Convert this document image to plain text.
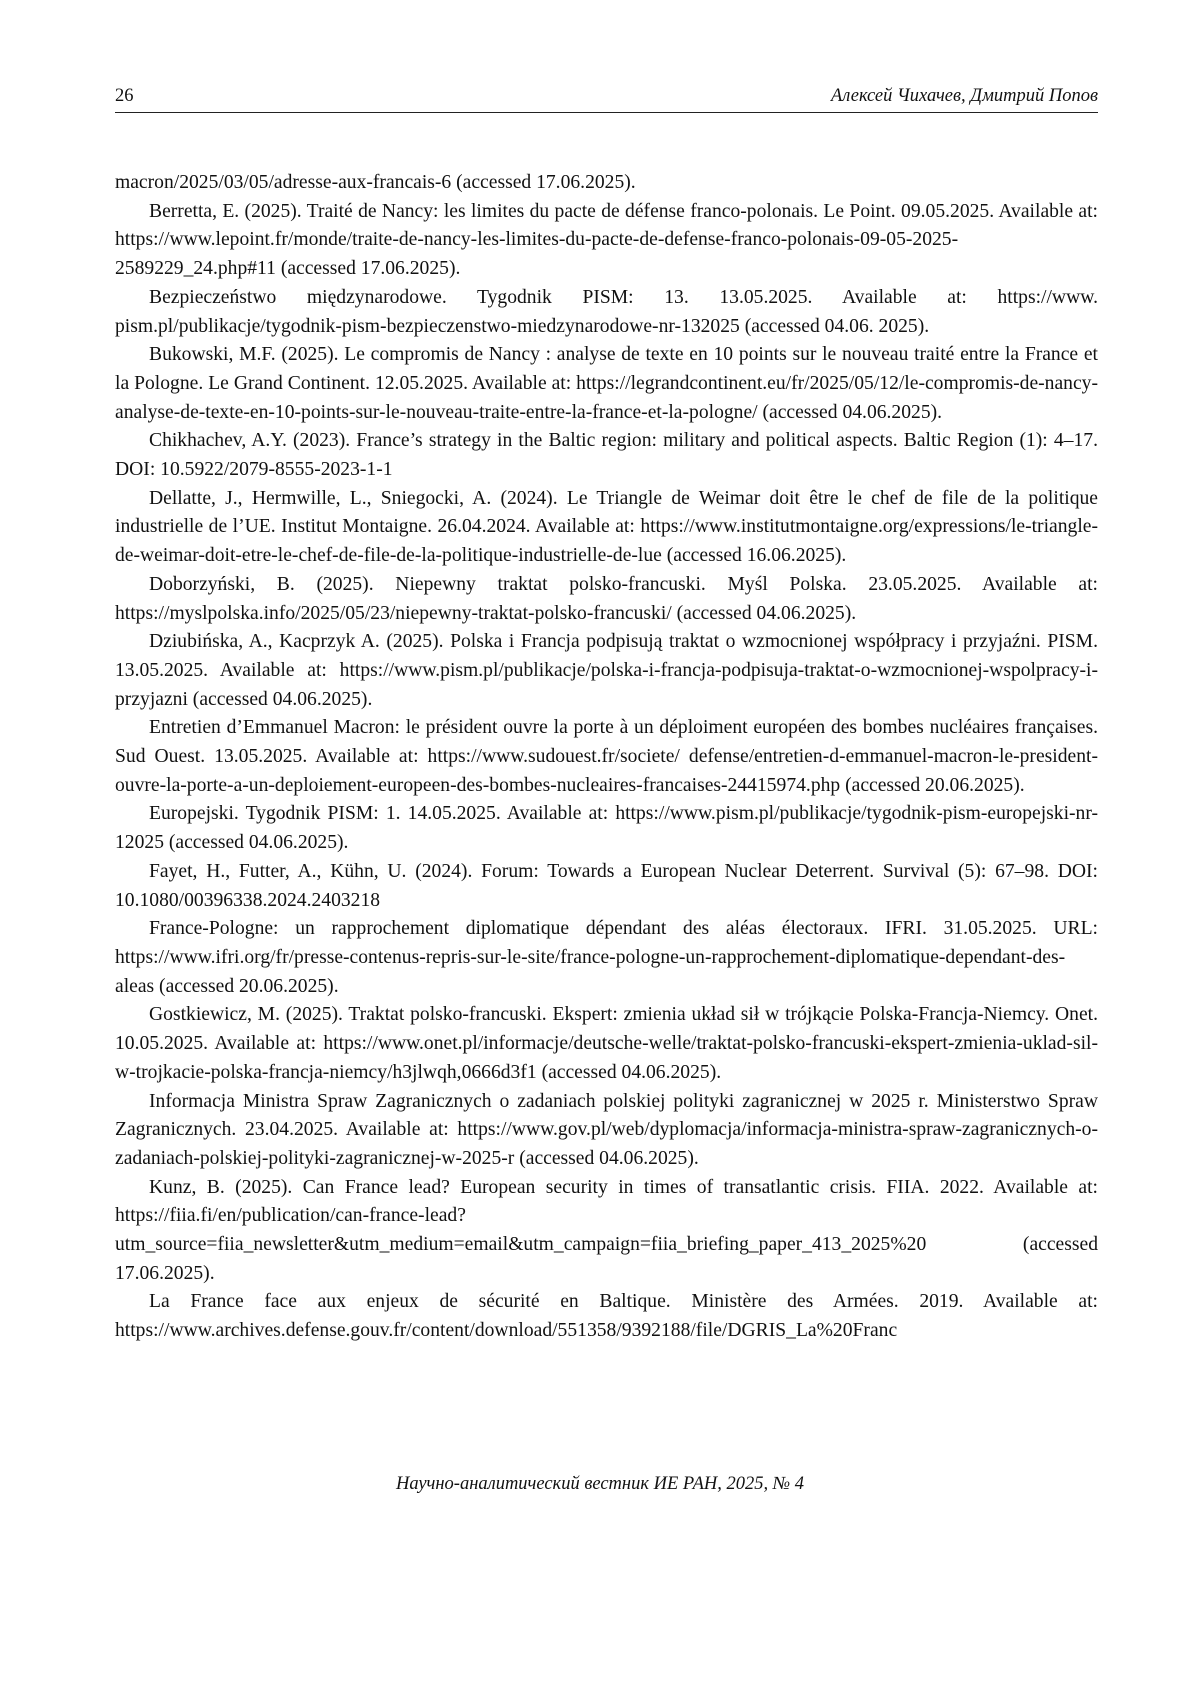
26	Алексей Чихачев, Дмитрий Попов

macron/2025/03/05/adresse-aux-francais-6 (accessed 17.06.2025).

Berretta, E. (2025). Traité de Nancy: les limites du pacte de défense franco-polonais. Le Point. 09.05.2025. Available at: https://www.lepoint.fr/monde/traite-de-nancy-les-limites-du-pacte-de-defense-franco-polonais-09-05-2025-2589229_24.php#11 (accessed 17.06.2025).

Bezpieczeństwo międzynarodowe. Tygodnik PISM: 13. 13.05.2025. Available at: https://www. pism.pl/publikacje/tygodnik-pism-bezpieczenstwo-miedzynarodowe-nr-132025 (accessed 04.06. 2025).

Bukowski, M.F. (2025). Le compromis de Nancy : analyse de texte en 10 points sur le nouveau traité entre la France et la Pologne. Le Grand Continent. 12.05.2025. Available at: https://legrandcontinent.eu/fr/2025/05/12/le-compromis-de-nancy-analyse-de-texte-en-10-points-sur-le-nouveau-traite-entre-la-france-et-la-pologne/ (accessed 04.06.2025).

Chikhachev, A.Y. (2023). France’s strategy in the Baltic region: military and political aspects. Baltic Region (1): 4–17. DOI: 10.5922/2079-8555-2023-1-1

Dellatte, J., Hermwille, L., Sniegocki, A. (2024). Le Triangle de Weimar doit être le chef de file de la politique industrielle de l’UE. Institut Montaigne. 26.04.2024. Available at: https://www.institutmontaigne.org/expressions/le-triangle-de-weimar-doit-etre-le-chef-de-file-de-la-politique-industrielle-de-lue (accessed 16.06.2025).

Doborzyński, B. (2025). Niepewny traktat polsko-francuski. Myśl Polska. 23.05.2025. Available at: https://myslpolska.info/2025/05/23/niepewny-traktat-polsko-francuski/ (accessed 04.06.2025).

Dziubińska, A., Kacprzyk A. (2025). Polska i Francja podpisują traktat o wzmocnionej współpracy i przyjaźni. PISM. 13.05.2025. Available at: https://www.pism.pl/publikacje/polska-i-francja-podpisuja-traktat-o-wzmocnionej-wspolpracy-i-przyjazni (accessed 04.06.2025).

Entretien d’Emmanuel Macron: le président ouvre la porte à un déploiment européen des bombes nucléaires françaises. Sud Ouest. 13.05.2025. Available at: https://www.sudouest.fr/societe/ defense/entretien-d-emmanuel-macron-le-president-ouvre-la-porte-a-un-deploiement-europeen-des-bombes-nucleaires-francaises-24415974.php (accessed 20.06.2025).

Europejski. Tygodnik PISM: 1. 14.05.2025. Available at: https://www.pism.pl/publikacje/tygodnik-pism-europejski-nr-12025 (accessed 04.06.2025).

Fayet, H., Futter, A., Kühn, U. (2024). Forum: Towards a European Nuclear Deterrent. Survival (5): 67–98. DOI: 10.1080/00396338.2024.2403218

France-Pologne: un rapprochement diplomatique dépendant des aléas électoraux. IFRI. 31.05.2025. URL: https://www.ifri.org/fr/presse-contenus-repris-sur-le-site/france-pologne-un-rapprochement-diplomatique-dependant-des-aleas (accessed 20.06.2025).

Gostkiewicz, M. (2025). Traktat polsko-francuski. Ekspert: zmienia układ sił w trójkącie Polska-Francja-Niemcy. Onet. 10.05.2025. Available at: https://www.onet.pl/informacje/deutsche-welle/traktat-polsko-francuski-ekspert-zmienia-uklad-sil-w-trojkacie-polska-francja-niemcy/h3jlwqh,0666d3f1 (accessed 04.06.2025).

Informacja Ministra Spraw Zagranicznych o zadaniach polskiej polityki zagranicznej w 2025 r. Ministerstwo Spraw Zagranicznych. 23.04.2025. Available at: https://www.gov.pl/web/dyplomacja/informacja-ministra-spraw-zagranicznych-o-zadaniach-polskiej-polityki-zagranicznej-w-2025-r (accessed 04.06.2025).

Kunz, B. (2025). Can France lead? European security in times of transatlantic crisis. FIIA. 2022. Available at: https://fiia.fi/en/publication/can-france-lead?utm_source=fiia_newsletter&utm_medium=email&utm_campaign=fiia_briefing_paper_413_2025%20 (accessed 17.06.2025).

La France face aux enjeux de sécurité en Baltique. Ministère des Armées. 2019. Available at: https://www.archives.defense.gouv.fr/content/download/551358/9392188/file/DGRIS_La%20Franc

Научно-аналитический вестник ИЕ РАН, 2025, № 4
